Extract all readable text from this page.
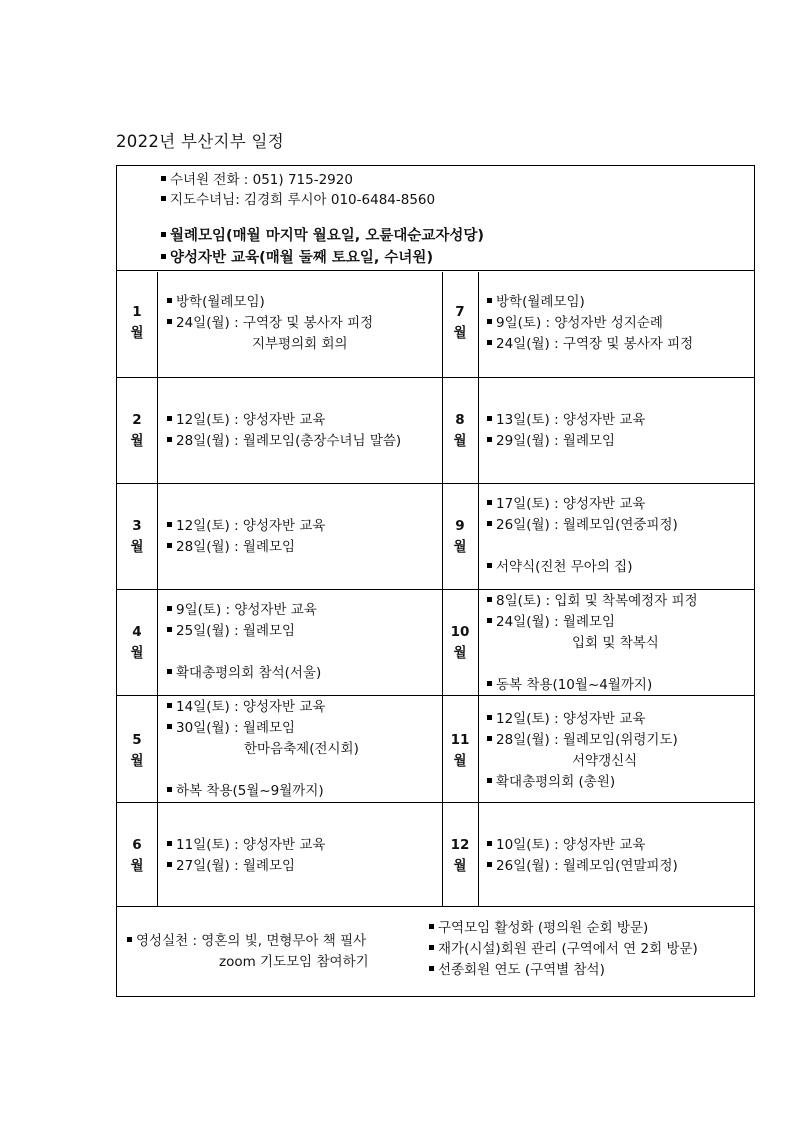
2022년 부산지부 일정
수녀원 전화 : 051) 715-2920
지도수녀님: 김경희 루시아 010-6484-8560
월례모임(매월 마지막 월요일, 오륜대순교자성당)
양성자반 교육(매월 둘째 토요일, 수녀원)
1
월
방학(월례모임)
24일(월) : 구역장 및 봉사자 피정
지부평의회 회의
7
월
방학(월례모임)
9일(토) : 양성자반 성지순례
24일(월) : 구역장 및 봉사자 피정
2
월
12일(토) : 양성자반 교육
28일(월) : 월례모임(총장수녀님 말씀)
8
월
13일(토) : 양성자반 교육
29일(월) : 월례모임
3
월
12일(토) : 양성자반 교육
28일(월) : 월례모임
9
월
17일(토) : 양성자반 교육
26일(월) : 월례모임(연중피정)
서약식(진천 무아의 집)
4
월
9일(토) : 양성자반 교육
25일(월) : 월례모임
확대총평의회 참석(서울)
10
월
8일(토) : 입회 및 착복예정자 피정
24일(월) : 월례모임
입회 및 착복식
동복 착용(10월~4월까지)
5
월
14일(토) : 양성자반 교육
30일(월) : 월례모임
한마음축제(전시회)
하복 착용(5월~9월까지)
11
월
12일(토) : 양성자반 교육
28일(월) : 월례모임(위령기도)
서약갱신식
확대총평의회 (총원)
6
월
11일(토) : 양성자반 교육
27일(월) : 월례모임
12
월
10일(토) : 양성자반 교육
26일(월) : 월례모임(연말피정)
영성실천 : 영혼의 빛, 면형무아 책 필사
zoom 기도모임 참여하기
구역모임 활성화 (평의원 순회 방문)
재가(시설)회원 관리 (구역에서 연 2회 방문)
선종회원 연도 (구역별 참석)
